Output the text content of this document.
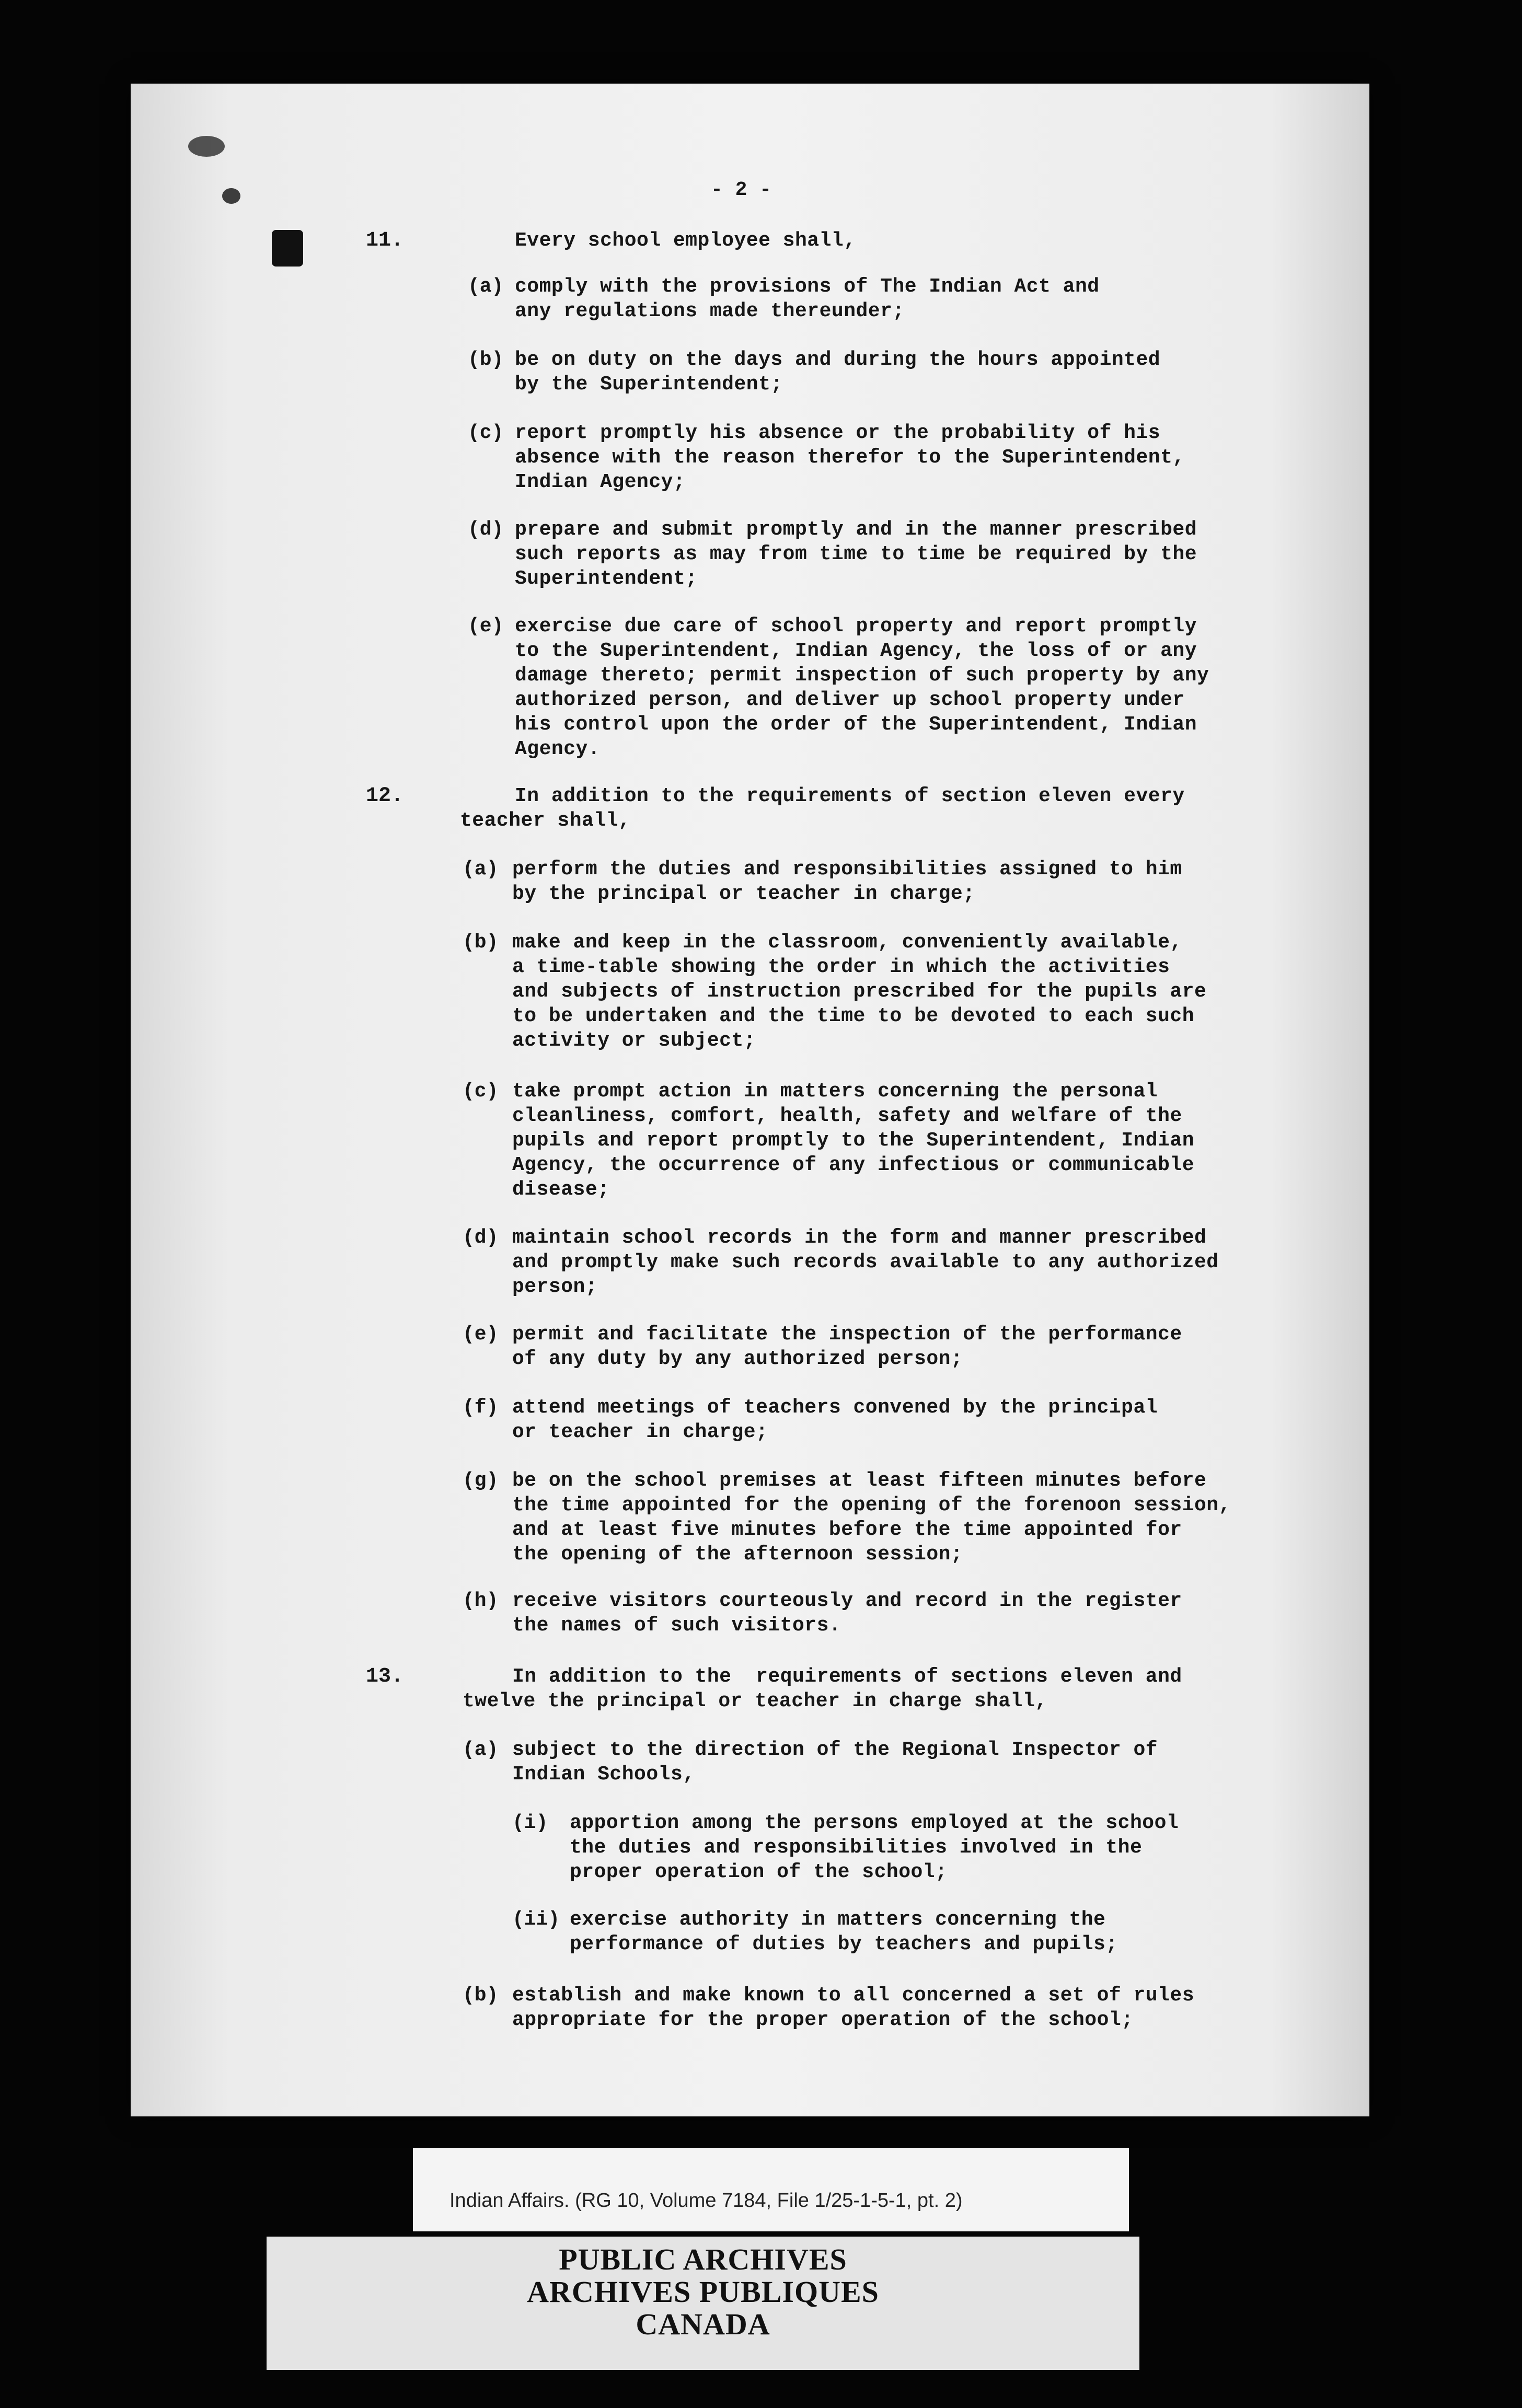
- 2 -
11.	Every school employee shall,
(a) comply with the provisions of The Indian Act and
any regulations made thereunder;
(b) be on duty on the days and during the hours appointed
by the Superintendent;
(c) report promptly his absence or the probability of his
absence with the reason therefor to the Superintendent,
Indian Agency;
(d) prepare and submit promptly and in the manner prescribed
such reports as may from time to time be required by the
Superintendent;
(e) exercise due care of school property and report promptly
to the Superintendent, Indian Agency, the loss of or any
damage thereto; permit inspection of such property by any
authorized person, and deliver up school property under
his control upon the order of the Superintendent, Indian
Agency.
12.	In addition to the requirements of section eleven every
teacher shall,
(a) perform the duties and responsibilities assigned to him
by the principal or teacher in charge;
(b) make and keep in the classroom, conveniently available,
a time-table showing the order in which the activities
and subjects of instruction prescribed for the pupils are
to be undertaken and the time to be devoted to each such
activity or subject;
(c) take prompt action in matters concerning the personal
cleanliness, comfort, health, safety and welfare of the
pupils and report promptly to the Superintendent, Indian
Agency, the occurrence of any infectious or communicable
disease;
(d) maintain school records in the form and manner prescribed
and promptly make such records available to any authorized
person;
(e) permit and facilitate the inspection of the performance
of any duty by any authorized person;
(f) attend meetings of teachers convened by the principal
or teacher in charge;
(g) be on the school premises at least fifteen minutes before
the time appointed for the opening of the forenoon session,
and at least five minutes before the time appointed for
the opening of the afternoon session;
(h) receive visitors courteously and record in the register
the names of such visitors.
13.	In addition to the  requirements of sections eleven and
twelve the principal or teacher in charge shall,
(a) subject to the direction of the Regional Inspector of
Indian Schools,
(i) apportion among the persons employed at the school
the duties and responsibilities involved in the
proper operation of the school;
(ii) exercise authority in matters concerning the
performance of duties by teachers and pupils;
(b) establish and make known to all concerned a set of rules
appropriate for the proper operation of the school;
Indian Affairs. (RG 10, Volume 7184, File 1/25-1-5-1, pt. 2)
PUBLIC ARCHIVES
ARCHIVES PUBLIQUES
CANADA
